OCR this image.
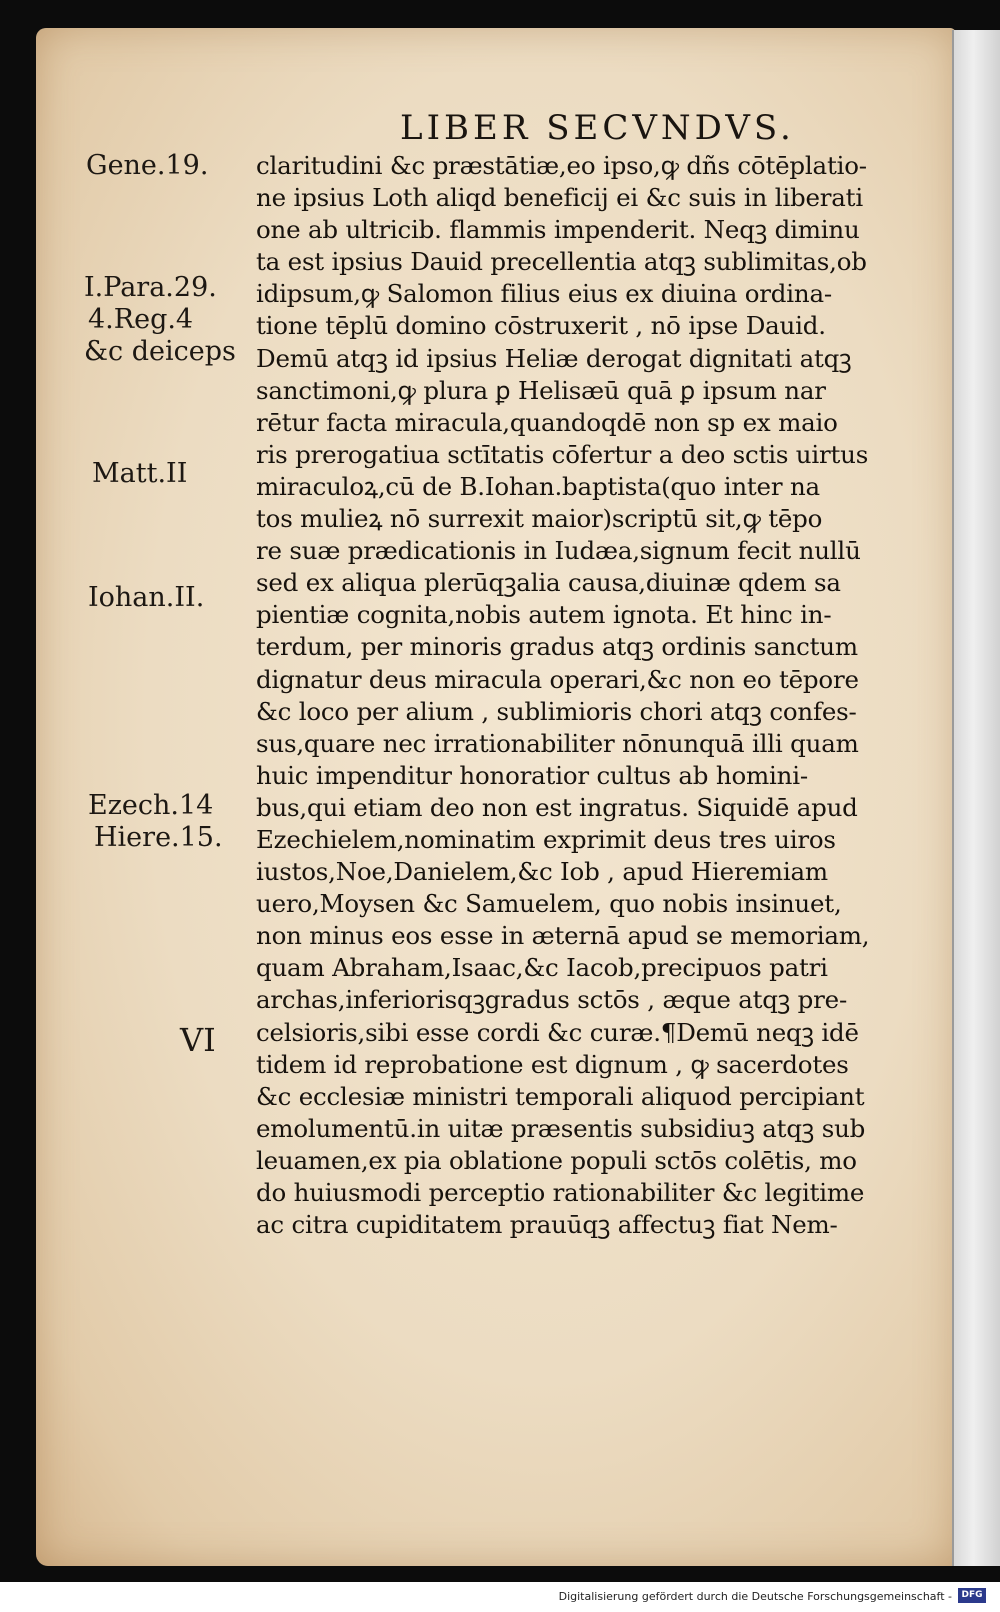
LIBER SECVNDVS.
Gene.19.
I.Para.29.
4.Reg.4
&c deiceps
Matt.II
Iohan.II.
Ezech.14
Hiere.15.
VI
claritudini &c præstātiæ,eo ipso,ꝙ dñs cōtēplatio-
ne ipsius Loth aliqd beneficij ei &c suis in liberati
one ab ultricib. flammis impenderit. Neqꝫ diminu
ta est ipsius Dauid precellentia atqꝫ sublimitas,ob
idipsum,ꝙ Salomon filius eius ex diuina ordina-
tione tēplū domino cōstruxerit , nō ipse Dauid.
Demū atqꝫ id ipsius Heliæ derogat dignitati atqꝫ
sanctimoni,ꝙ plura ꝑ Helisæū quā ꝑ ipsum nar
rētur facta miracula,quandoqdē non sp ex maio
ris prerogatiua sctītatis cōfertur a deo sctis uirtus
miraculoꝝ,cū de B.Iohan.baptista(quo inter na
tos mulieꝝ nō surrexit maior)scriptū sit,ꝙ tēpo
re suæ prædicationis in Iudæa,signum fecit nullū
sed ex aliqua plerūqꝫalia causa,diuinæ qdem sa
pientiæ cognita,nobis autem ignota. Et hinc in-
terdum, per minoris gradus atqꝫ ordinis sanctum
dignatur deus miracula operari,&c non eo tēpore
&c loco per alium , sublimioris chori atqꝫ confes-
sus,quare nec irrationabiliter nōnunquā illi quam
huic impenditur honoratior cultus ab homini-
bus,qui etiam deo non est ingratus. Siquidē apud
Ezechielem,nominatim exprimit deus tres uiros
iustos,Noe,Danielem,&c Iob , apud Hieremiam
uero,Moysen &c Samuelem, quo nobis insinuet,
non minus eos esse in æternā apud se memoriam,
quam Abraham,Isaac,&c Iacob,precipuos patri
archas,inferiorisqꝫgradus sctōs , æque atqꝫ pre-
celsioris,sibi esse cordi &c curæ.¶Demū neqꝫ idē
tidem id reprobatione est dignum , ꝙ sacerdotes
&c ecclesiæ ministri temporali aliquod percipiant
emolumentū.in uitæ præsentis subsidiuꝫ atqꝫ sub
leuamen,ex pia oblatione populi sctōs colētis, mo
do huiusmodi perceptio rationabiliter &c legitime
ac citra cupiditatem prauūqꝫ affectuꝫ fiat Nem-
Digitalisierung gefördert durch die Deutsche Forschungsgemeinschaft -	DFG
